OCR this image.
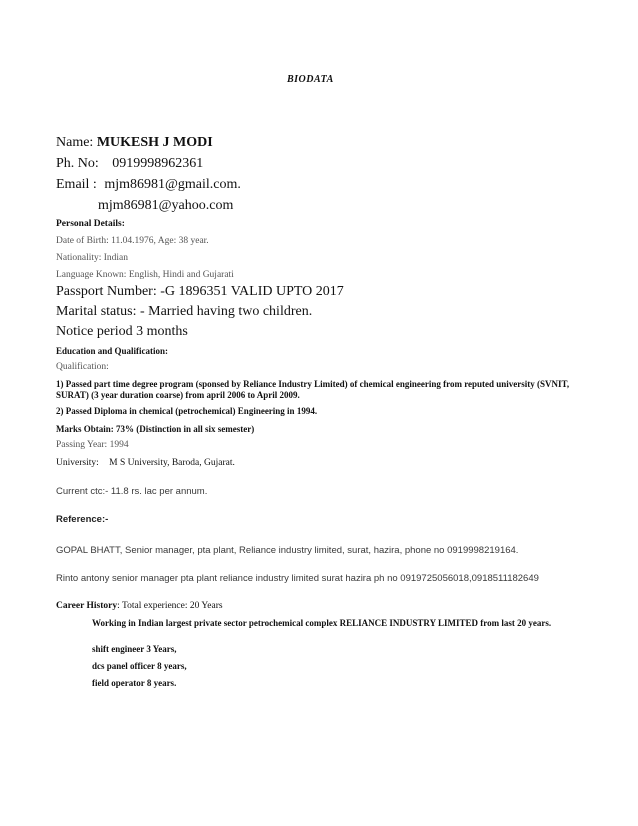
BIODATA
Name: MUKESH J MODI
Ph. No: 0919998962361
Email : mjm86981@gmail.com.
mjm86981@yahoo.com
Personal Details:
Date of Birth: 11.04.1976, Age: 38 year.
Nationality: Indian
Language Known: English, Hindi and Gujarati
Passport Number: -G 1896351 VALID UPTO 2017
Marital status: - Married having two children.
Notice period 3 months
Education and Qualification:
Qualification:
1) Passed part time degree program (sponsed by Reliance Industry Limited) of chemical engineering from reputed university (SVNIT, SURAT) (3 year duration coarse) from april 2006 to April 2009.
2) Passed Diploma in chemical (petrochemical) Engineering in 1994.
Marks Obtain: 73% (Distinction in all six semester)
Passing Year: 1994
University: M S University, Baroda, Gujarat.
Current ctc:- 11.8 rs. lac per annum.
Reference:-
GOPAL BHATT, Senior manager, pta plant, Reliance industry limited, surat, hazira, phone no 0919998219164.
Rinto antony senior manager pta plant reliance industry limited surat hazira ph no 0919725056018,0918511182649
Career History: Total experience: 20 Years
Working in Indian largest private sector petrochemical complex RELIANCE INDUSTRY LIMITED from last 20 years.
shift engineer 3 Years,
dcs panel officer 8 years,
field operator 8 years.
